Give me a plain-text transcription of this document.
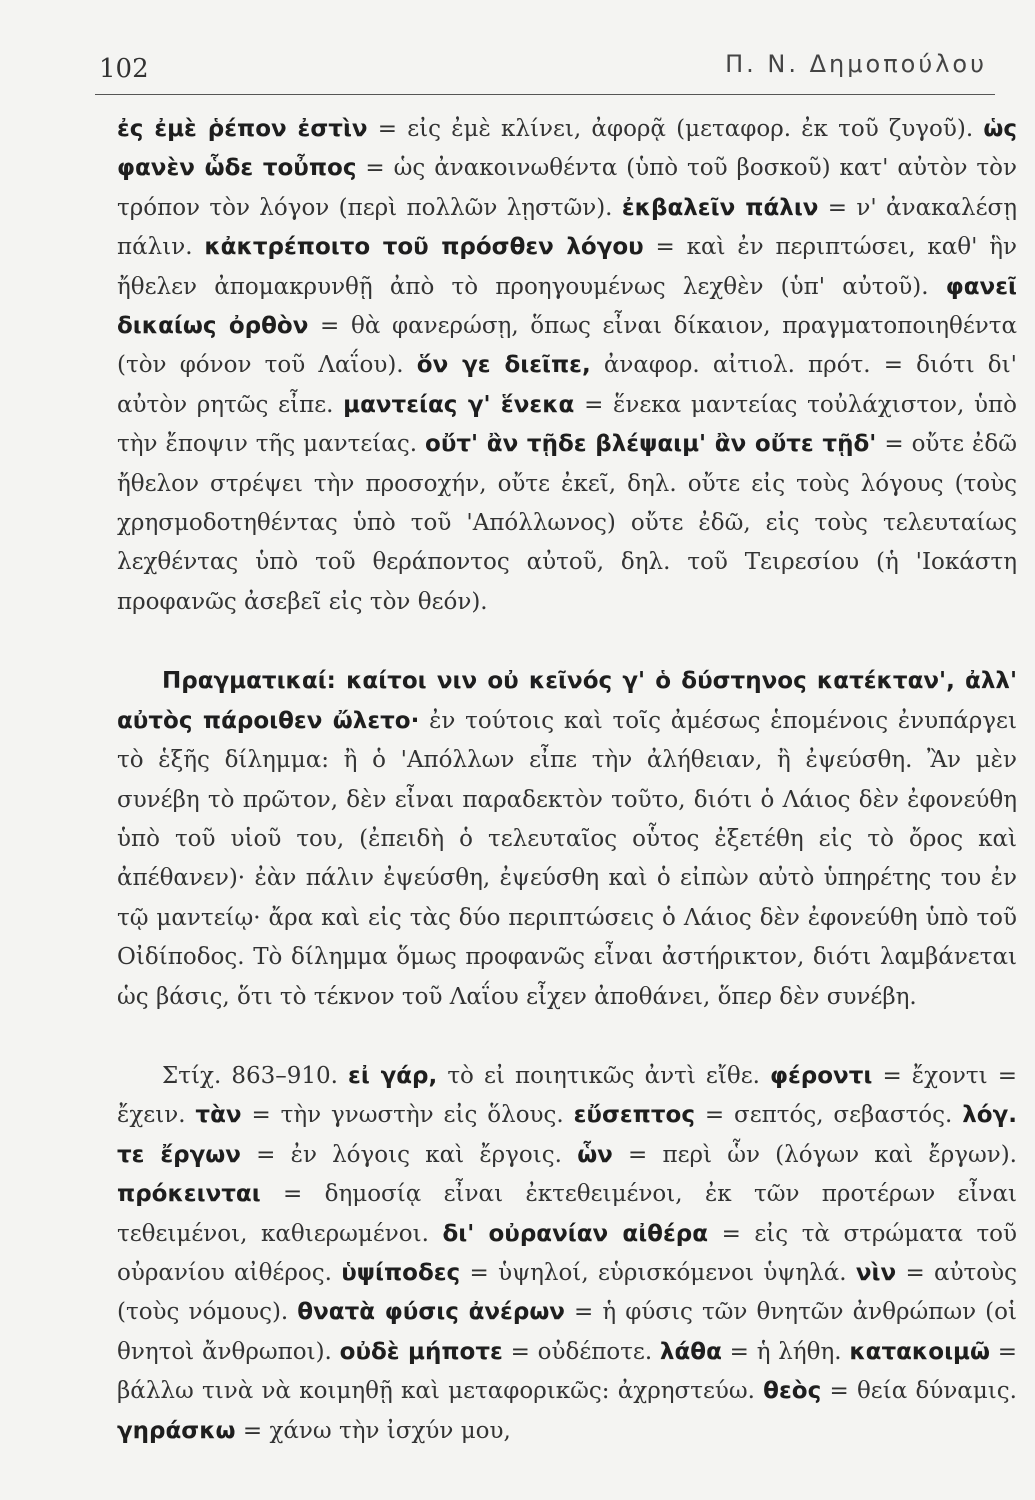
102	Π. Ν. Δημοπούλου

ἐς ἐμὲ ῥέπον ἐστὶν = εἰς ἐμὲ κλίνει, ἀφορᾷ (μεταφορ. ἐκ τοῦ ζυγοῦ). ὡς φανὲν ὧδε τοὖπος = ὡς ἀνακοινωθέντα (ὑπὸ τοῦ βοσκοῦ) κατ' αὐτὸν τὸν τρόπον τὸν λόγον (περὶ πολλῶν λῃστῶν). ἐκβαλεῖν πάλιν = ν' ἀνακαλέσῃ πάλιν. κἀκτρέποιτο τοῦ πρόσθεν λόγου = καὶ ἐν περιπτώσει, καθ' ἣν ἤθελεν ἀπομακρυνθῇ ἀπὸ τὸ προηγουμένως λεχθὲν (ὑπ' αὐτοῦ). φανεῖ δικαίως ὀρθὸν = θὰ φανερώσῃ, ὅπως εἶναι δίκαιον, πραγματοποιηθέντα (τὸν φόνον τοῦ Λαΐου). ὅν γε διεῖπε, ἀναφορ. αἰτιολ. πρότ. = διότι δι' αὐτὸν ρητῶς εἶπε. μαντείας γ' ἕνεκα = ἕνεκα μαντείας τοὐλάχιστον, ὑπὸ τὴν ἔποψιν τῆς μαντείας. οὔτ' ἂν τῇδε βλέψαιμ' ἂν οὔτε τῇδ' = οὔτε ἐδῶ ἤθελον στρέψει τὴν προσοχήν, οὔτε ἐκεῖ, δηλ. οὔτε εἰς τοὺς λόγους (τοὺς χρησμοδοτηθέντας ὑπὸ τοῦ 'Απόλλωνος) οὔτε ἐδῶ, εἰς τοὺς τελευταίως λεχθέντας ὑπὸ τοῦ θεράποντος αὐτοῦ, δηλ. τοῦ Τειρεσίου (ἡ 'Ιοκάστη προφανῶς ἀσεβεῖ εἰς τὸν θεόν).

Πραγματικαί: καίτοι νιν οὐ κεῖνός γ' ὁ δύστηνος κατέκταν', ἀλλ' αὐτὸς πάροιθεν ὤλετο· ἐν τούτοις καὶ τοῖς ἀμέσως ἑπομένοις ἐνυπάργει τὸ ἑξῆς δίλημμα: ἢ ὁ 'Απόλλων εἶπε τὴν ἀλήθειαν, ἢ ἐψεύσθη. Ἂν μὲν συνέβη τὸ πρῶτον, δὲν εἶναι παραδεκτὸν τοῦτο, διότι ὁ Λάιος δὲν ἐφονεύθη ὑπὸ τοῦ υἱοῦ του, (ἐπειδὴ ὁ τελευταῖος οὗτος ἐξετέθη εἰς τὸ ὄρος καὶ ἀπέθανεν)· ἐὰν πάλιν ἐψεύσθη, ἐψεύσθη καὶ ὁ εἰπὼν αὐτὸ ὑπηρέτης του ἐν τῷ μαντείῳ· ἄρα καὶ εἰς τὰς δύο περιπτώσεις ὁ Λάιος δὲν ἐφονεύθη ὑπὸ τοῦ Οἰδίποδος. Τὸ δίλημμα ὅμως προφανῶς εἶναι ἀστήρικτον, διότι λαμβάνεται ὡς βάσις, ὅτι τὸ τέκνον τοῦ Λαΐου εἶχεν ἀποθάνει, ὅπερ δὲν συνέβη.

Στίχ. 863–910. εἰ γάρ, τὸ εἰ ποιητικῶς ἀντὶ εἴθε. φέροντι = ἔχοντι = ἔχειν. τὰν = τὴν γνωστὴν εἰς ὅλους. εὔσεπτος = σεπτός, σεβαστός. λόγ. τε ἔργων = ἐν λόγοις καὶ ἔργοις. ὧν = περὶ ὧν (λόγων καὶ ἔργων). πρόκεινται = δημοσίᾳ εἶναι ἐκτεθειμένοι, ἐκ τῶν προτέρων εἶναι τεθειμένοι, καθιερωμένοι. δι' οὐρανίαν αἰθέρα = εἰς τὰ στρώματα τοῦ οὐρανίου αἰθέρος. ὑψίποδες = ὑψηλοί, εὑρισκόμενοι ὑψηλά. νὶν = αὐτοὺς (τοὺς νόμους). θνατὰ φύσις ἀνέρων = ἡ φύσις τῶν θνητῶν ἀνθρώπων (οἱ θνητοὶ ἄνθρωποι). οὐδὲ μήποτε = οὐδέποτε. λάθα = ἡ λήθη. κατακοιμῶ = βάλλω τινὰ νὰ κοιμηθῇ καὶ μεταφορικῶς: ἀχρηστεύω. θεὸς = θεία δύναμις. γηράσκω = χάνω τὴν ἰσχύν μου,
